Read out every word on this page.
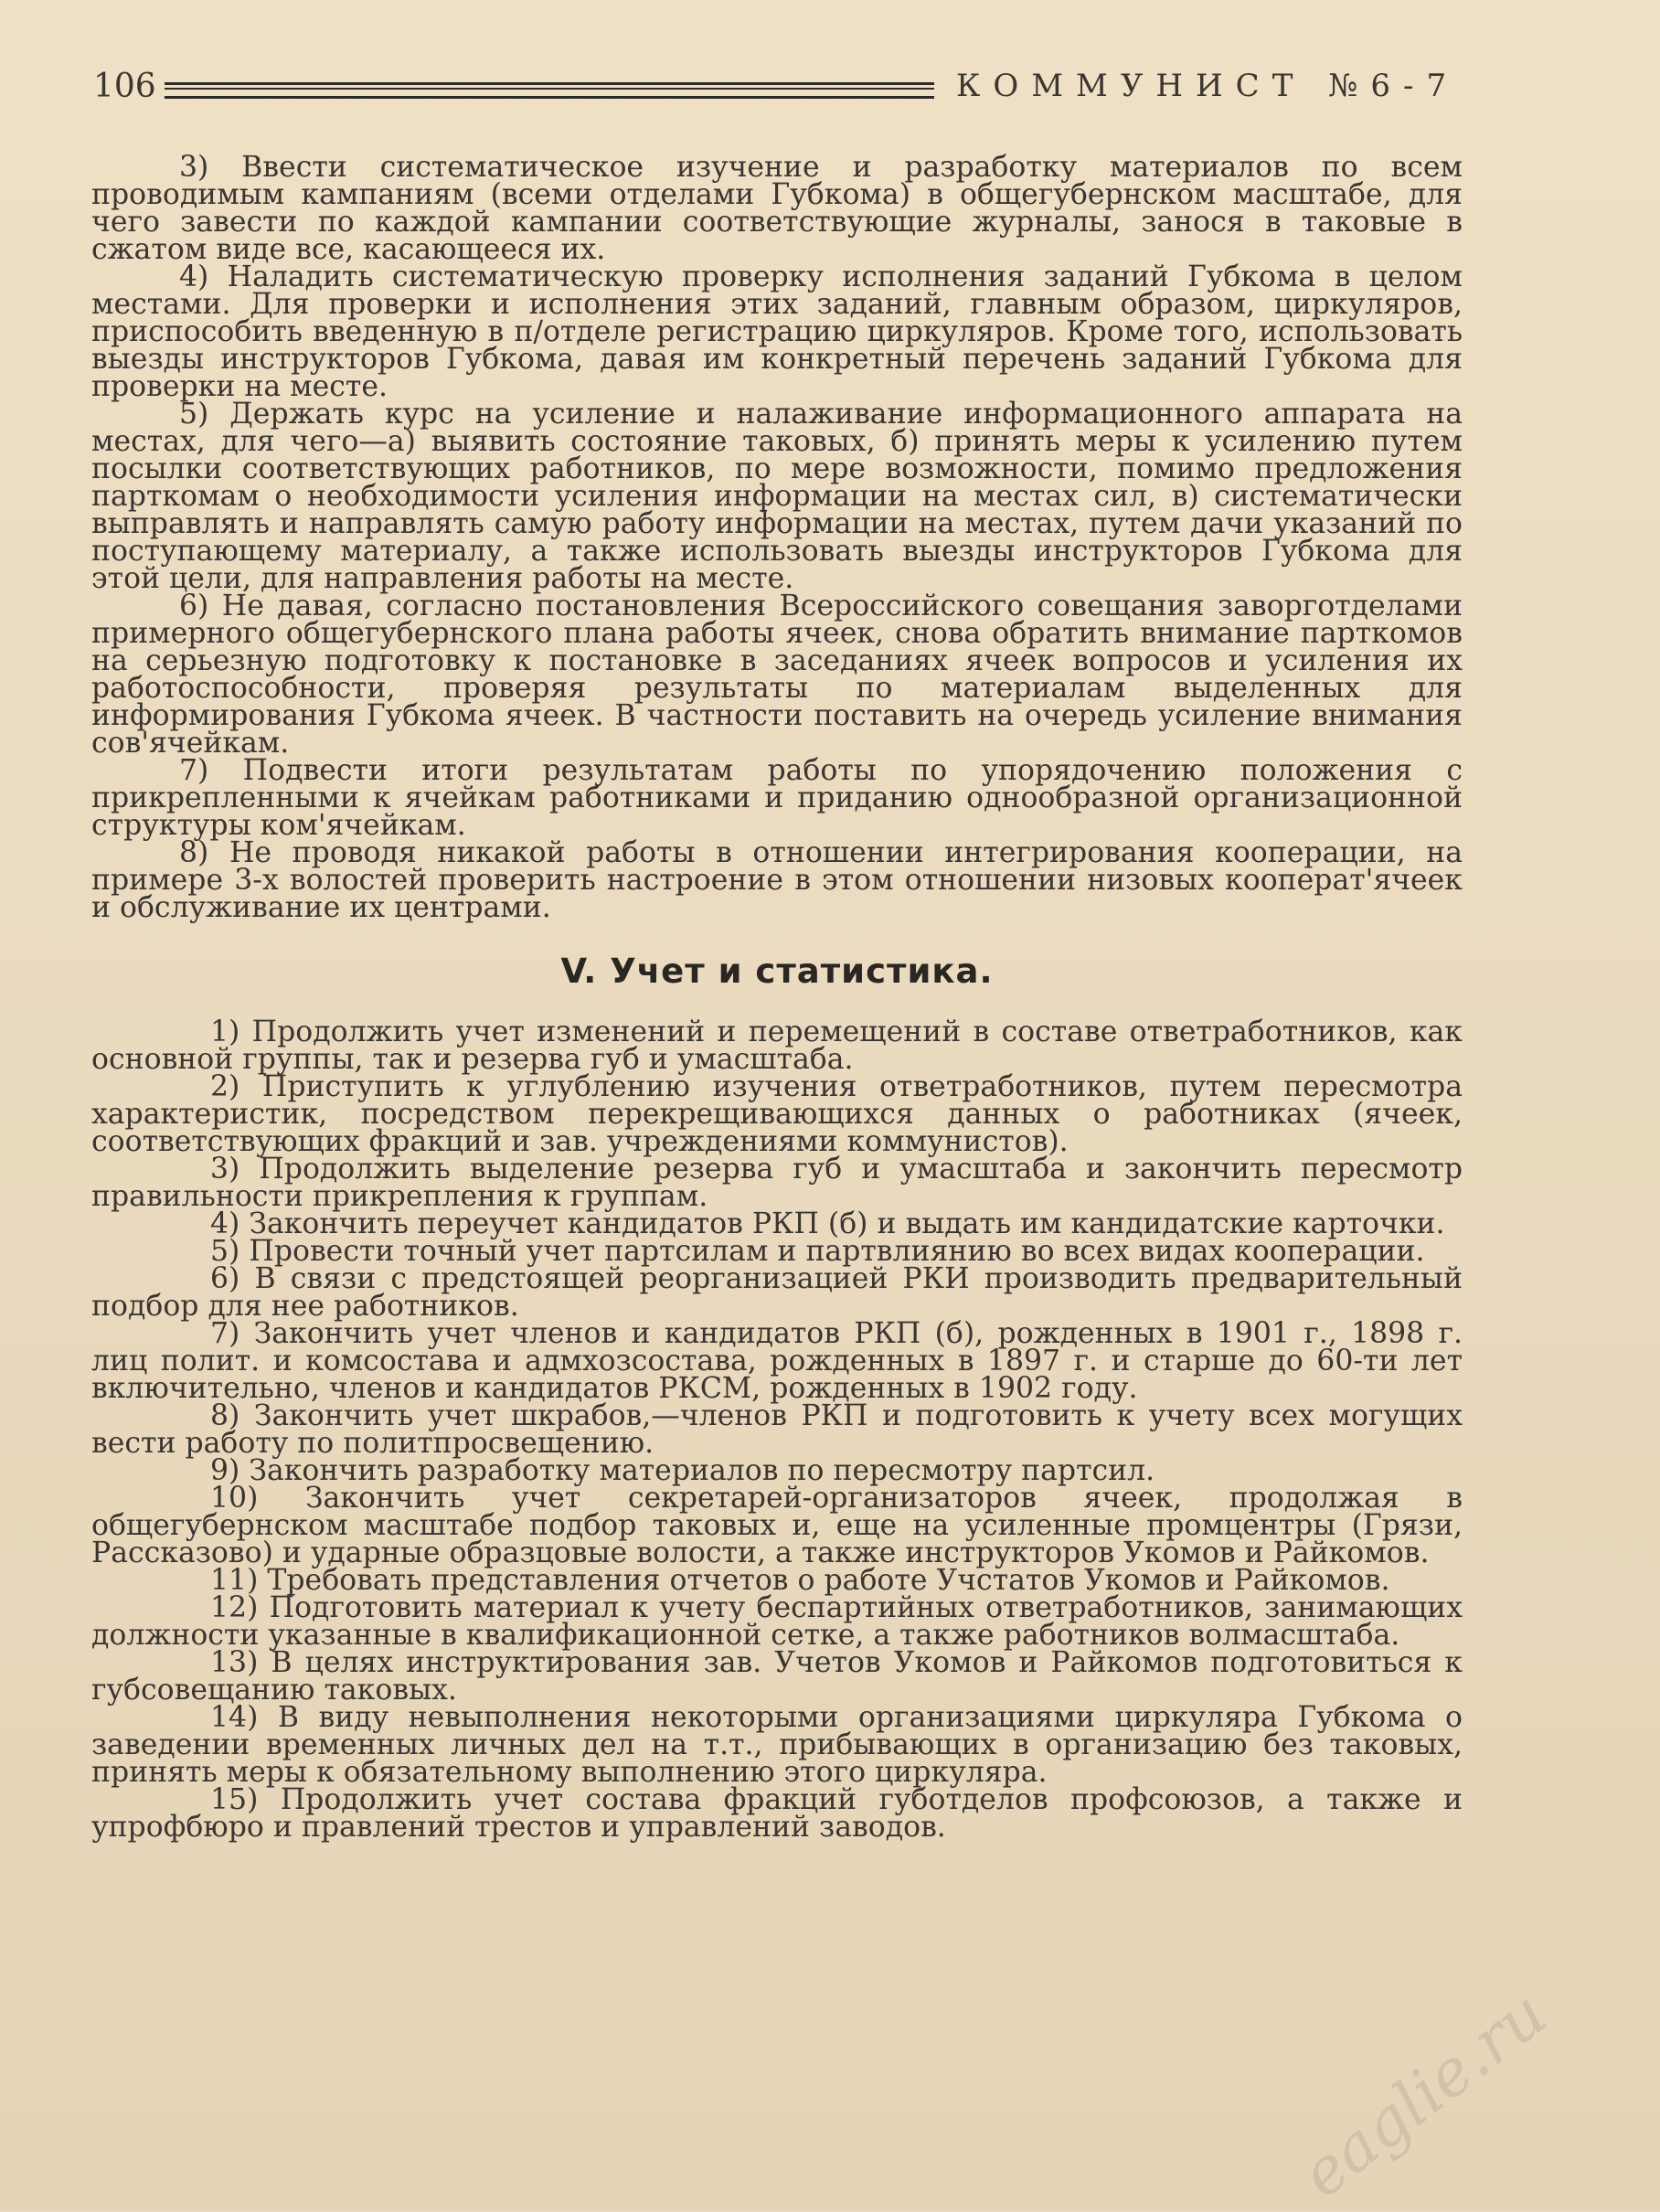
106	КОММУНИСТ №6-7

3) Ввести систематическое изучение и разработку материалов по всем проводимым кампаниям (всеми отделами Губкома) в общегубернском масштабе, для чего завести по каждой кампании соответствующие журналы, занося в таковые в сжатом виде все, касающееся их.

4) Наладить систематическую проверку исполнения заданий Губкома в целом местами. Для проверки и исполнения этих заданий, главным образом, циркуляров, приспособить введенную в п/отделе регистрацию циркуляров. Кроме того, использовать выезды инструкторов Губкома, давая им конкретный перечень заданий Губкома для проверки на месте.

5) Держать курс на усиление и налаживание информационного аппарата на местах, для чего—а) выявить состояние таковых, б) принять меры к усилению путем посылки соответствующих работников, по мере возможности, помимо предложения парткомам о необходимости усиления информации на местах сил, в) систематически выправлять и направлять самую работу информации на местах, путем дачи указаний по поступающему материалу, а также использовать выезды инструкторов Губкома для этой цели, для направления работы на месте.

6) Не давая, согласно постановления Всероссийского совещания заворготделами примерного общегубернского плана работы ячеек, снова обратить внимание парткомов на серьезную подготовку к постановке в заседаниях ячеек вопросов и усиления их работоспособности, проверяя результаты по материалам выделенных для информирования Губкома ячеек. В частности поставить на очередь усиление внимания сов'ячейкам.

7) Подвести итоги результатам работы по упорядочению положения с прикрепленными к ячейкам работниками и приданию однообразной организационной структуры ком'ячейкам.

8) Не проводя никакой работы в отношении интегрирования кооперации, на примере 3-х волостей проверить настроение в этом отношении низовых кооперат'ячеек и обслуживание их центрами.

V. Учет и статистика.

1) Продолжить учет изменений и перемещений в составе ответработников, как основной группы, так и резерва губ и умасштаба.

2) Приступить к углублению изучения ответработников, путем пересмотра характеристик, посредством перекрещивающихся данных о работниках (ячеек, соответствующих фракций и зав. учреждениями коммунистов).

3) Продолжить выделение резерва губ и умасштаба и закончить пересмотр правильности прикрепления к группам.

4) Закончить переучет кандидатов РКП (б) и выдать им кандидатские карточки.

5) Провести точный учет партсилам и партвлиянию во всех видах кооперации.

6) В связи с предстоящей реорганизацией РКИ производить предварительный подбор для нее работников.

7) Закончить учет членов и кандидатов РКП (б), рожденных в 1901 г., 1898 г. лиц полит. и комсостава и адмхозсостава, рожденных в 1897 г. и старше до 60-ти лет включительно, членов и кандидатов РКСМ, рожденных в 1902 году.

8) Закончить учет шкрабов,—членов РКП и подготовить к учету всех могущих вести работу по политпросвещению.

9) Закончить разработку материалов по пересмотру партсил.

10) Закончить учет секретарей-организаторов ячеек, продолжая в общегубернском масштабе подбор таковых и, еще на усиленные промцентры (Грязи, Рассказово) и ударные образцовые волости, а также инструкторов Укомов и Райкомов.

11) Требовать представления отчетов о работе Учстатов Укомов и Райкомов.

12) Подготовить материал к учету беспартийных ответработников, занимающих должности указанные в квалификационной сетке, а также работников волмасштаба.

13) В целях инструктирования зав. Учетов Укомов и Райкомов подготовиться к губсовещанию таковых.

14) В виду невыполнения некоторыми организациями циркуляра Губкома о заведении временных личных дел на т.т., прибывающих в организацию без таковых, принять меры к обязательному выполнению этого циркуляра.

15) Продолжить учет состава фракций губотделов профсоюзов, а также и упрофбюро и правлений трестов и управлений заводов.

eaglie.ru
